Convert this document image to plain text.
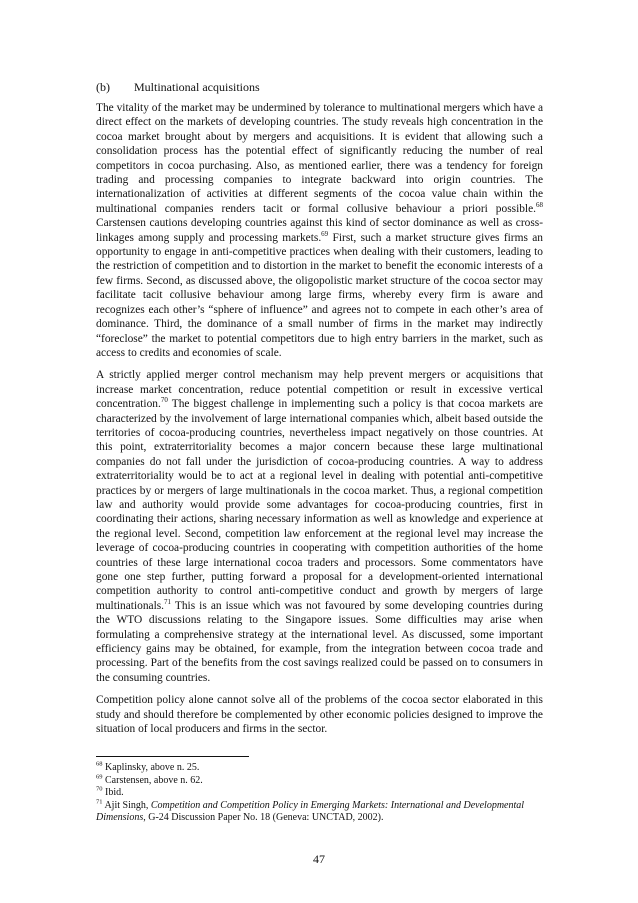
(b) Multinational acquisitions

The vitality of the market may be undermined by tolerance to multinational mergers which have a direct effect on the markets of developing countries. The study reveals high concentration in the cocoa market brought about by mergers and acquisitions. It is evident that allowing such a consolidation process has the potential effect of significantly reducing the number of real competitors in cocoa purchasing. Also, as mentioned earlier, there was a tendency for foreign trading and processing companies to integrate backward into origin countries. The internationalization of activities at different segments of the cocoa value chain within the multinational companies renders tacit or formal collusive behaviour a priori possible.$^{68}$ Carstensen cautions developing countries against this kind of sector dominance as well as cross-linkages among supply and processing markets.$^{69}$ First, such a market structure gives firms an opportunity to engage in anti-competitive practices when dealing with their customers, leading to the restriction of competition and to distortion in the market to benefit the economic interests of a few firms. Second, as discussed above, the oligopolistic market structure of the cocoa sector may facilitate tacit collusive behaviour among large firms, whereby every firm is aware and recognizes each other’s “sphere of influence” and agrees not to compete in each other’s area of dominance. Third, the dominance of a small number of firms in the market may indirectly “foreclose” the market to potential competitors due to high entry barriers in the market, such as access to credits and economies of scale.

A strictly applied merger control mechanism may help prevent mergers or acquisitions that increase market concentration, reduce potential competition or result in excessive vertical concentration.$^{70}$ The biggest challenge in implementing such a policy is that cocoa markets are characterized by the involvement of large international companies which, albeit based outside the territories of cocoa-producing countries, nevertheless impact negatively on those countries. At this point, extraterritoriality becomes a major concern because these large multinational companies do not fall under the jurisdiction of cocoa-producing countries. A way to address extraterritoriality would be to act at a regional level in dealing with potential anti-competitive practices by or mergers of large multinationals in the cocoa market. Thus, a regional competition law and authority would provide some advantages for cocoa-producing countries, first in coordinating their actions, sharing necessary information as well as knowledge and experience at the regional level. Second, competition law enforcement at the regional level may increase the leverage of cocoa-producing countries in cooperating with competition authorities of the home countries of these large international cocoa traders and processors. Some commentators have gone one step further, putting forward a proposal for a development-oriented international competition authority to control anti-competitive conduct and growth by mergers of large multinationals.$^{71}$ This is an issue which was not favoured by some developing countries during the WTO discussions relating to the Singapore issues. Some difficulties may arise when formulating a comprehensive strategy at the international level. As discussed, some important efficiency gains may be obtained, for example, from the integration between cocoa trade and processing. Part of the benefits from the cost savings realized could be passed on to consumers in the consuming countries.

Competition policy alone cannot solve all of the problems of the cocoa sector elaborated in this study and should therefore be complemented by other economic policies designed to improve the situation of local producers and firms in the sector.

$^{68}$ Kaplinsky, above n. 25.
$^{69}$ Carstensen, above n. 62.
$^{70}$ Ibid.
$^{71}$ Ajit Singh, Competition and Competition Policy in Emerging Markets: International and Developmental Dimensions, G-24 Discussion Paper No. 18 (Geneva: UNCTAD, 2002).
47
